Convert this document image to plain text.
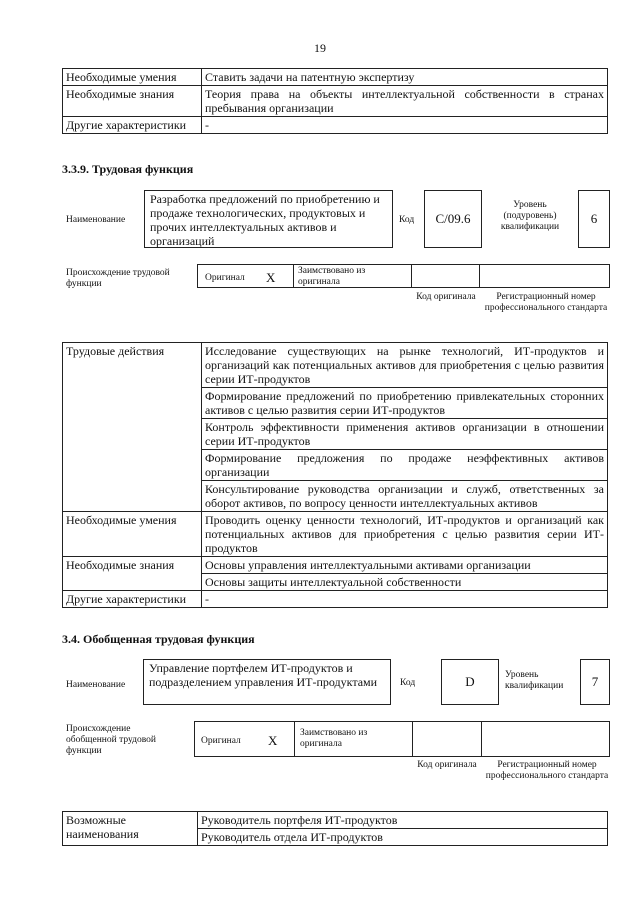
19
Необходимые умения	Ставить задачи на патентную экспертизу
Необходимые знания	Теория права на объекты интеллектуальной собственности в странах пребывания организации
Другие характеристики	-
3.3.9. Трудовая функция
Наименование
Разработка предложений по приобретению и продаже технологических, продуктовых и прочих интеллектуальных активов и организаций
Код	C/09.6
Уровень (подуровень) квалификации
6
Происхождение трудовой функции
Оригинал X Заимствовано из оригинала
Код оригинала	Регистрационный номер профессионального стандарта
Трудовые действия	Исследование существующих на рынке технологий, ИТ-продуктов и организаций как потенциальных активов для приобретения с целью развития серии ИТ-продуктов
	Формирование предложений по приобретению привлекательных сторонних активов с целью развития серии ИТ-продуктов
	Контроль эффективности применения активов организации в отношении серии ИТ-продуктов
	Формирование предложения по продаже неэффективных активов организации
	Консультирование руководства организации и служб, ответственных за оборот активов, по вопросу ценности интеллектуальных активов
Необходимые умения	Проводить оценку ценности технологий, ИТ-продуктов и организаций как потенциальных активов для приобретения с целью развития серии ИТ-продуктов
Необходимые знания	Основы управления интеллектуальными активами организации
	Основы защиты интеллектуальной собственности
Другие характеристики	-
3.4. Обобщенная трудовая функция
Наименование
Управление портфелем ИТ-продуктов и подразделением управления ИТ-продуктами	Код	D	Уровень квалификации	7
Происхождение обобщенной трудовой функции
Оригинал X Заимствовано из оригинала
Код оригинала	Регистрационный номер профессионального стандарта
Возможные наименования	Руководитель портфеля ИТ-продуктов
Руководитель отдела ИТ-продуктов
